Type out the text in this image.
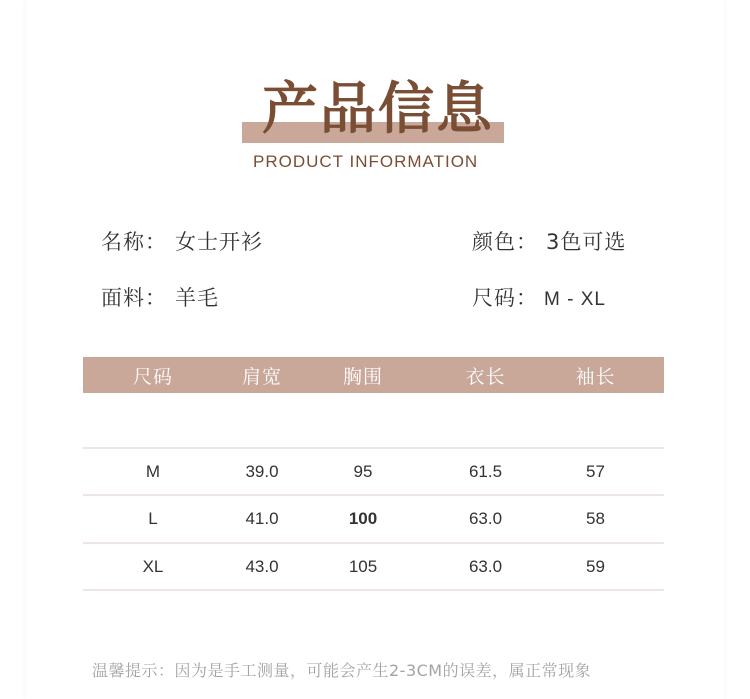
产品信息
PRODUCT INFORMATION
名称： 女士开衫	颜色： 3色可选
面料： 羊毛	尺码： M - XL
尺码	肩宽	胸围	衣长	袖长
M	39.0	95	61.5	57
L	41.0	100	63.0	58
XL	43.0	105	63.0	59
温馨提示：因为是手工测量，可能会产生2-3CM的误差，属正常现象
